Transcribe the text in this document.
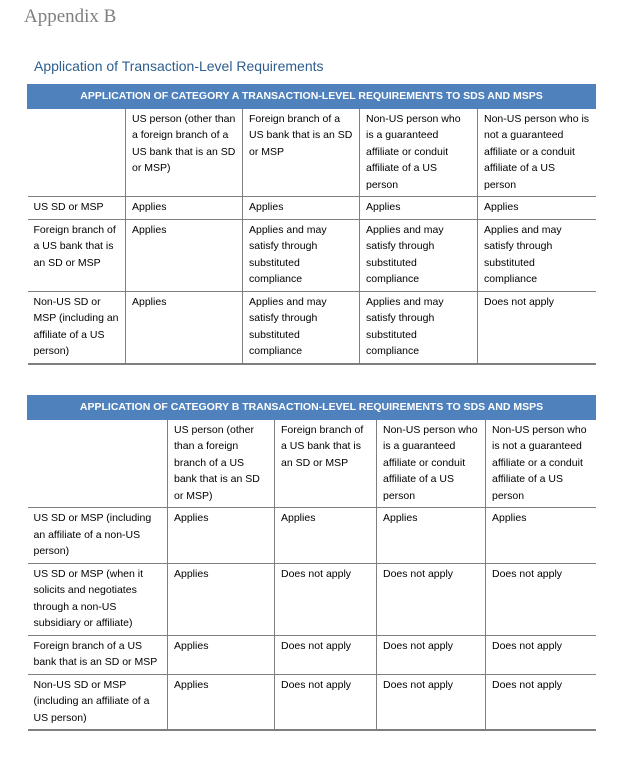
Appendix B
Application of Transaction-Level Requirements
APPLICATION OF CATEGORY A TRANSACTION-LEVEL REQUIREMENTS TO SDS AND MSPS				
	US person (other than a foreign branch of a US bank that is an SD or MSP)	Foreign branch of a US bank that is an SD or MSP	Non-US person who is a guaranteed affiliate or conduit affiliate of a US person	Non-US person who is not a guaranteed affiliate or a conduit affiliate of a US person
US SD or MSP	Applies	Applies	Applies	Applies
Foreign branch of a US bank that is an SD or MSP	Applies	Applies and may satisfy through substituted compliance	Applies and may satisfy through substituted compliance	Applies and may satisfy through substituted compliance
Non-US SD or MSP (including an affiliate of a US person)	Applies	Applies and may satisfy through substituted compliance	Applies and may satisfy through substituted compliance	Does not apply
APPLICATION OF CATEGORY B TRANSACTION-LEVEL REQUIREMENTS TO SDS AND MSPS				
	US person (other than a foreign branch of a US bank that is an SD or MSP)	Foreign branch of a US bank that is an SD or MSP	Non-US person who is a guaranteed affiliate or conduit affiliate of a US person	Non-US person who is not a guaranteed affiliate or a conduit affiliate of a US person
US SD or MSP (including an affiliate of a non-US person)	Applies	Applies	Applies	Applies
US SD or MSP (when it solicits and negotiates through a non-US subsidiary or affiliate)	Applies	Does not apply	Does not apply	Does not apply
Foreign branch of a US bank that is an SD or MSP	Applies	Does not apply	Does not apply	Does not apply
Non-US SD or MSP (including an affiliate of a US person)	Applies	Does not apply	Does not apply	Does not apply
